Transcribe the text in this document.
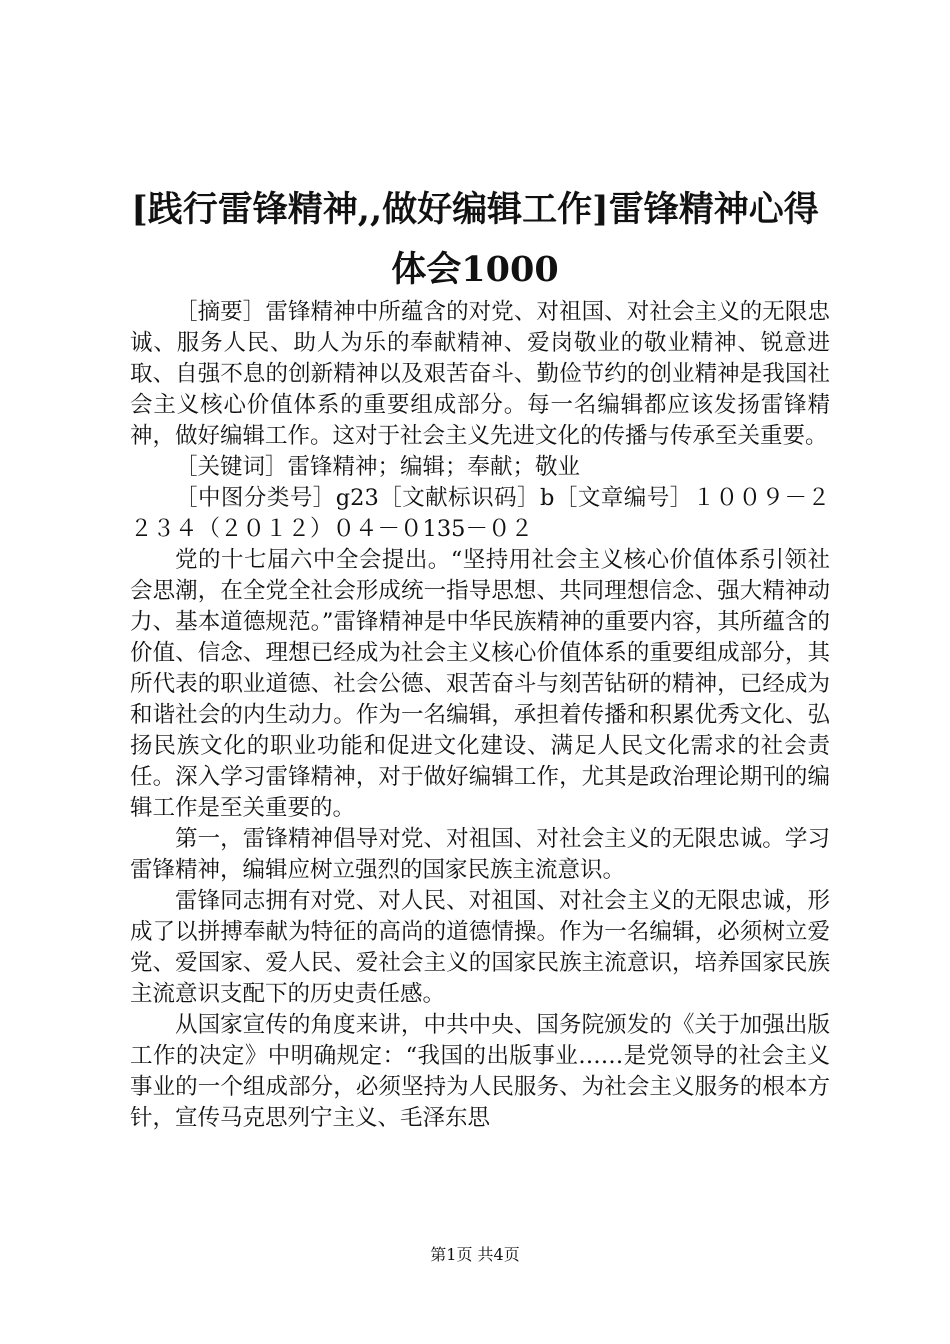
[践行雷锋精神,,做好编辑工作]雷锋精神心得
体会1000

［摘要］雷锋精神中所蕴含的对党、对祖国、对社会主义的无限忠诚、服务人民、助人为乐的奉献精神、爱岗敬业的敬业精神、锐意进取、自强不息的创新精神以及艰苦奋斗、勤俭节约的创业精神是我国社会主义核心价值体系的重要组成部分。每一名编辑都应该发扬雷锋精神，做好编辑工作。这对于社会主义先进文化的传播与传承至关重要。

［关键词］雷锋精神；编辑；奉献；敬业

［中图分类号］g23［文献标识码］b［文章编号］１００９－２２３４（２０１２）０４－０135－０２

党的十七届六中全会提出。“坚持用社会主义核心价值体系引领社会思潮，在全党全社会形成统一指导思想、共同理想信念、强大精神动力、基本道德规范。”雷锋精神是中华民族精神的重要内容，其所蕴含的价值、信念、理想已经成为社会主义核心价值体系的重要组成部分，其所代表的职业道德、社会公德、艰苦奋斗与刻苦钻研的精神，已经成为和谐社会的内生动力。作为一名编辑，承担着传播和积累优秀文化、弘扬民族文化的职业功能和促进文化建设、满足人民文化需求的社会责任。深入学习雷锋精神，对于做好编辑工作，尤其是政治理论期刊的编辑工作是至关重要的。

第一，雷锋精神倡导对党、对祖国、对社会主义的无限忠诚。学习雷锋精神，编辑应树立强烈的国家民族主流意识。

雷锋同志拥有对党、对人民、对祖国、对社会主义的无限忠诚，形成了以拼搏奉献为特征的高尚的道德情操。作为一名编辑，必须树立爱党、爱国家、爱人民、爱社会主义的国家民族主流意识，培养国家民族主流意识支配下的历史责任感。

从国家宣传的角度来讲，中共中央、国务院颁发的《关于加强出版工作的决定》中明确规定：“我国的出版事业……是党领导的社会主义事业的一个组成部分，必须坚持为人民服务、为社会主义服务的根本方针，宣传马克思列宁主义、毛泽东思

第1页 共4页
